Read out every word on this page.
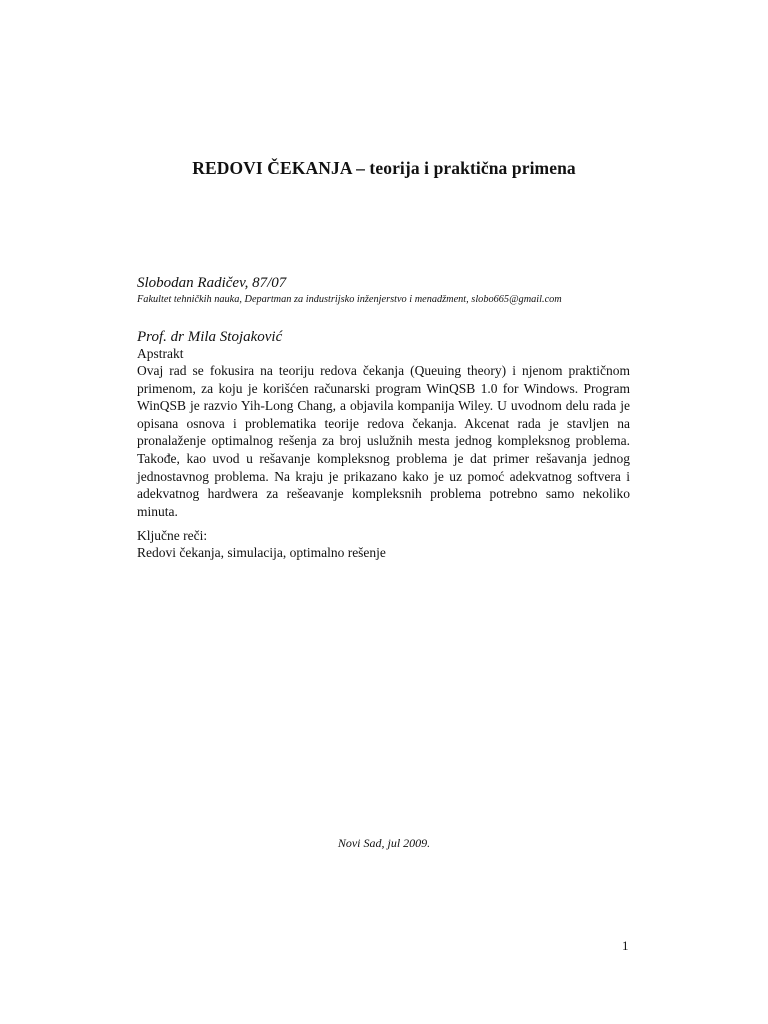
REDOVI ČEKANJA – teorija i praktična primena
Slobodan Radičev, 87/07
Fakultet tehničkih nauka, Departman za industrijsko inženjerstvo i menadžment, slobo665@gmail.com
Prof. dr Mila Stojaković
Apstrakt

Ovaj rad se fokusira na teoriju redova čekanja (Queuing theory) i njenom praktičnom primenom, za koju je korišćen računarski program WinQSB 1.0 for Windows. Program WinQSB je razvio Yih-Long Chang, a objavila kompanija Wiley. U uvodnom delu rada je opisana osnova i problematika teorije redova čekanja. Akcenat rada je stavljen na pronalaženje optimalnog rešenja za broj uslužnih mesta jednog kompleksnog problema. Takođe, kao uvod u rešavanje kompleksnog problema je dat primer rešavanja jednog jednostavnog problema. Na kraju je prikazano kako je uz pomoć adekvatnog softvera i adekvatnog hardwera za rešeavanje kompleksnih problema potrebno samo nekoliko minuta.

Ključne reči:
Redovi čekanja, simulacija, optimalno rešenje
Novi Sad, jul 2009.
1
